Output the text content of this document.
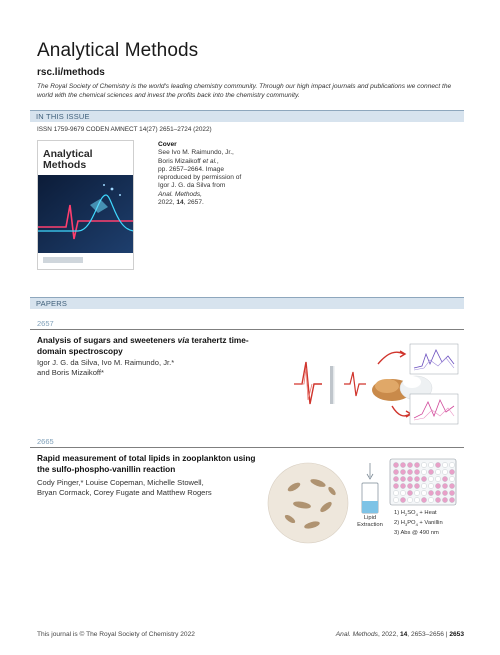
Analytical Methods
rsc.li/methods
The Royal Society of Chemistry is the world's leading chemistry community. Through our high impact journals and publications we connect the world with the chemical sciences and invest the profits back into the chemistry community.
IN THIS ISSUE
ISSN 1759-9679 CODEN AMNECT 14(27) 2651–2724 (2022)
Analytical Methods
Cover
See Ivo M. Raimundo, Jr.,
Boris Mizaikoff et al.,
pp. 2657–2664. Image
reproduced by permission of
Igor J. G. da Silva from
Anal. Methods,
2022, 14, 2657.
PAPERS
2657
Analysis of sugars and sweeteners via terahertz time-domain spectroscopy
Igor J. G. da Silva, Ivo M. Raimundo, Jr.*
and Boris Mizaikoff*
2665
Rapid measurement of total lipids in zooplankton using the sulfo-phospho-vanillin reaction
Cody Pinger,* Louise Copeman, Michelle Stowell,
Bryan Cormack, Corey Fugate and Matthew Rogers
Lipid
Extraction
1) $H_2SO_4$ + Heat
2) $H_3PO_4$ + Vanillin
3) Abs @ 490 nm
This journal is © The Royal Society of Chemistry 2022	Anal. Methods, 2022, 14, 2653–2656 | 2653
